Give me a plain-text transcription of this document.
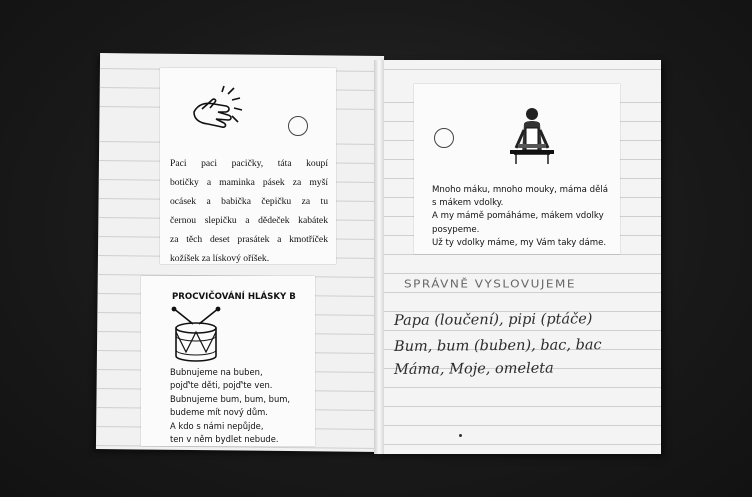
Paci paci pacičky, táta koupí
botičky a maminka pásek za myší
ocásek a babička čepičku za tu
černou slepičku a dědeček kabátek
za těch deset prasátek a kmotříček
kožíšek za lískový oříšek.
PROCVIČOVÁNÍ HLÁSKY B
Bubnujeme na buben,
pojď'te děti, pojď'te ven.
Bubnujeme bum, bum, bum,
budeme mít nový dům.
A kdo s námi nepůjde,
ten v něm bydlet nebude.
Mnoho máku, mnoho mouky, máma dělá
s mákem vdolky.
A my mámě pomáháme, mákem vdolky
posypeme.
Už ty vdolky máme, my Vám taky dáme.
SPRÁVNĚ VYSLOVUJEME
Papa (loučení), pipi (ptáče)
Bum, bum (buben), bac, bac
Máma, Moje, omeleta
